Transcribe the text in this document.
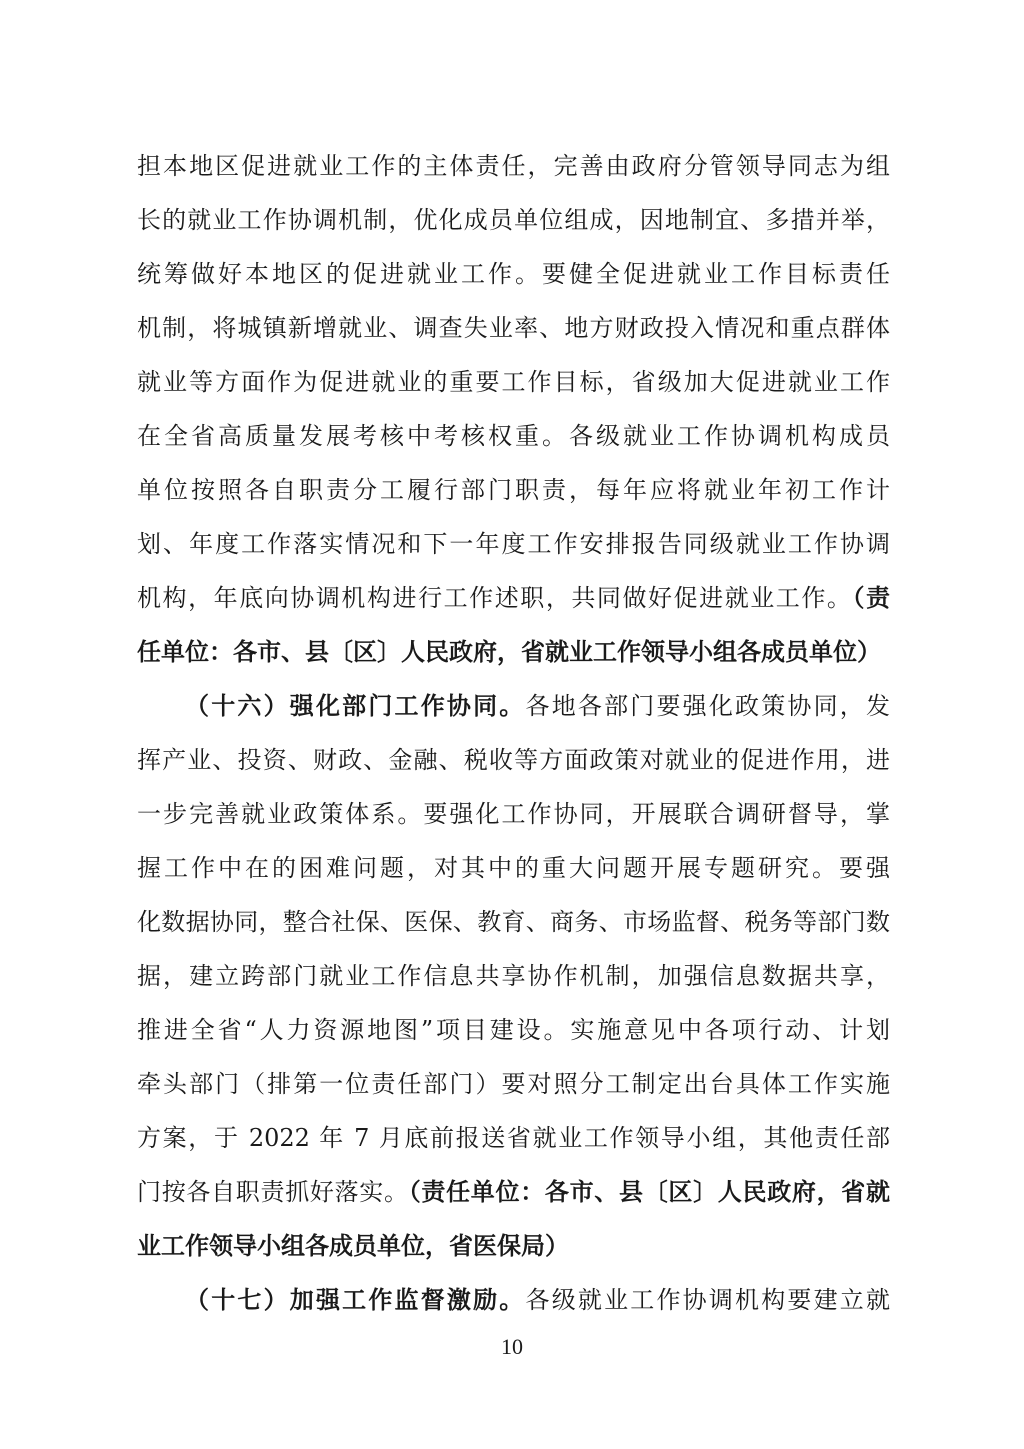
担本地区促进就业工作的主体责任，完善由政府分管领导同志为组
长的就业工作协调机制，优化成员单位组成，因地制宜、多措并举，
统筹做好本地区的促进就业工作。要健全促进就业工作目标责任
机制，将城镇新增就业、调查失业率、地方财政投入情况和重点群体
就业等方面作为促进就业的重要工作目标，省级加大促进就业工作
在全省高质量发展考核中考核权重。各级就业工作协调机构成员
单位按照各自职责分工履行部门职责，每年应将就业年初工作计
划、年度工作落实情况和下一年度工作安排报告同级就业工作协调
机构，年底向协调机构进行工作述职，共同做好促进就业工作。（责
任单位：各市、县〔区〕人民政府，省就业工作领导小组各成员单位）
（十六）强化部门工作协同。各地各部门要强化政策协同，发
挥产业、投资、财政、金融、税收等方面政策对就业的促进作用，进
一步完善就业政策体系。要强化工作协同，开展联合调研督导，掌
握工作中在的困难问题，对其中的重大问题开展专题研究。要强
化数据协同，整合社保、医保、教育、商务、市场监督、税务等部门数
据，建立跨部门就业工作信息共享协作机制，加强信息数据共享，
推进全省“人力资源地图”项目建设。实施意见中各项行动、计划
牵头部门（排第一位责任部门）要对照分工制定出台具体工作实施
方案，于 2022 年 7 月底前报送省就业工作领导小组，其他责任部
门按各自职责抓好落实。（责任单位：各市、县〔区〕人民政府，省就
业工作领导小组各成员单位，省医保局）
（十七）加强工作监督激励。各级就业工作协调机构要建立就
10
